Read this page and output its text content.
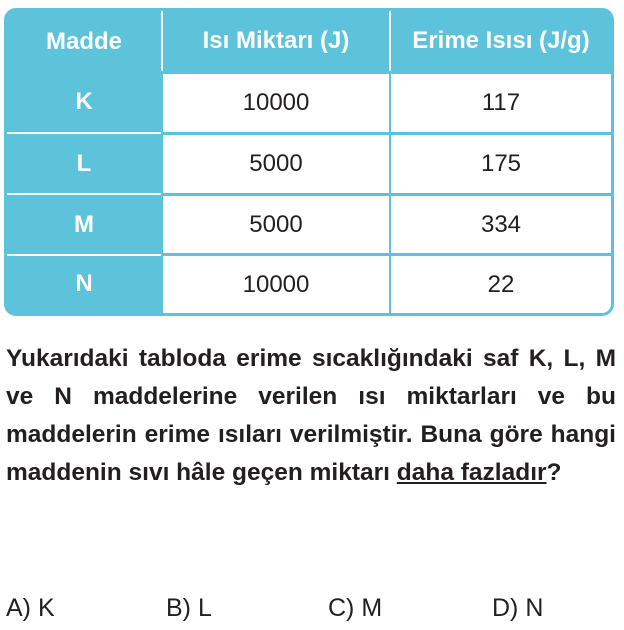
Madde	Isı Miktarı (J)	Erime Isısı (J/g)
K	10000	117
L	5000	175
M	5000	334
N	10000	22
Yukarıdaki tabloda erime sıcaklığındaki saf K, L, M ve N maddelerine verilen ısı miktarları ve bu maddelerin erime ısıları verilmiştir. Buna göre hangi maddenin sıvı hâle geçen miktarı daha fazladır?
A) K	B) L	C) M	D) N
